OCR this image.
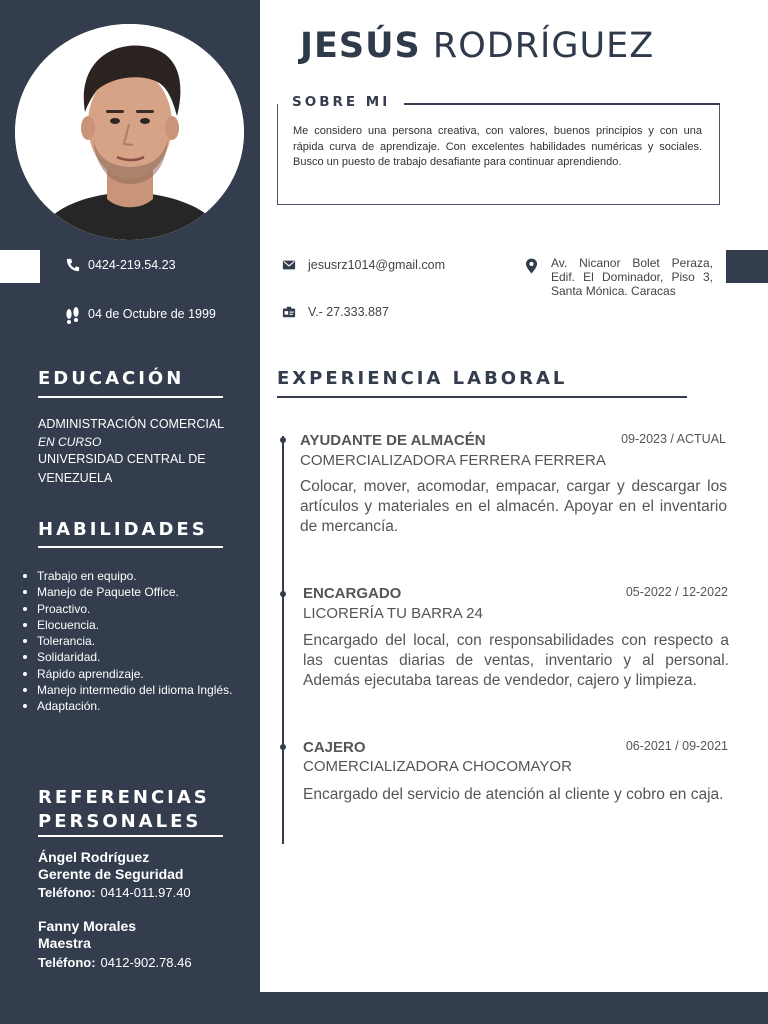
JESÚS RODRÍGUEZ
SOBRE MI

Me considero una persona creativa, con valores, buenos principios y con una rápida curva de aprendizaje. Con excelentes habilidades numéricas y sociales. Busco un puesto de trabajo desafiante para continuar aprendiendo.

0424-219.54.23
04 de Octubre de 1999
jesusrz1014@gmail.com
V.- 27.333.887
Av. Nicanor Bolet Peraza, Edif. El Dominador, Piso 3, Santa Mónica. Caracas
EDUCACIÓN
ADMINISTRACIÓN COMERCIAL
EN CURSO
UNIVERSIDAD CENTRAL DE VENEZUELA
HABILIDADES
Trabajo en equipo.
Manejo de Paquete Office.
Proactivo.
Elocuencia.
Tolerancia.
Solidaridad.
Rápido aprendizaje.
Manejo intermedio del idioma Inglés.
Adaptación.
REFERENCIAS
PERSONALES
Ángel Rodríguez
Gerente de Seguridad
Teléfono: 0414-011.97.40
Fanny Morales
Maestra
Teléfono: 0412-902.78.46
EXPERIENCIA LABORAL
AYUDANTE DE ALMACÉN	09-2023 / ACTUAL
COMERCIALIZADORA FERRERA FERRERA

Colocar, mover, acomodar, empacar, cargar y descargar los artículos y materiales en el almacén. Apoyar en el inventario de mercancía.

ENCARGADO	05-2022 / 12-2022
LICORERÍA TU BARRA 24

Encargado del local, con responsabilidades con respecto a las cuentas diarias de ventas, inventario y al personal. Además ejecutaba tareas de vendedor, cajero y limpieza.

CAJERO	06-2021 / 09-2021
COMERCIALIZADORA CHOCOMAYOR

Encargado del servicio de atención al cliente y cobro en caja.
